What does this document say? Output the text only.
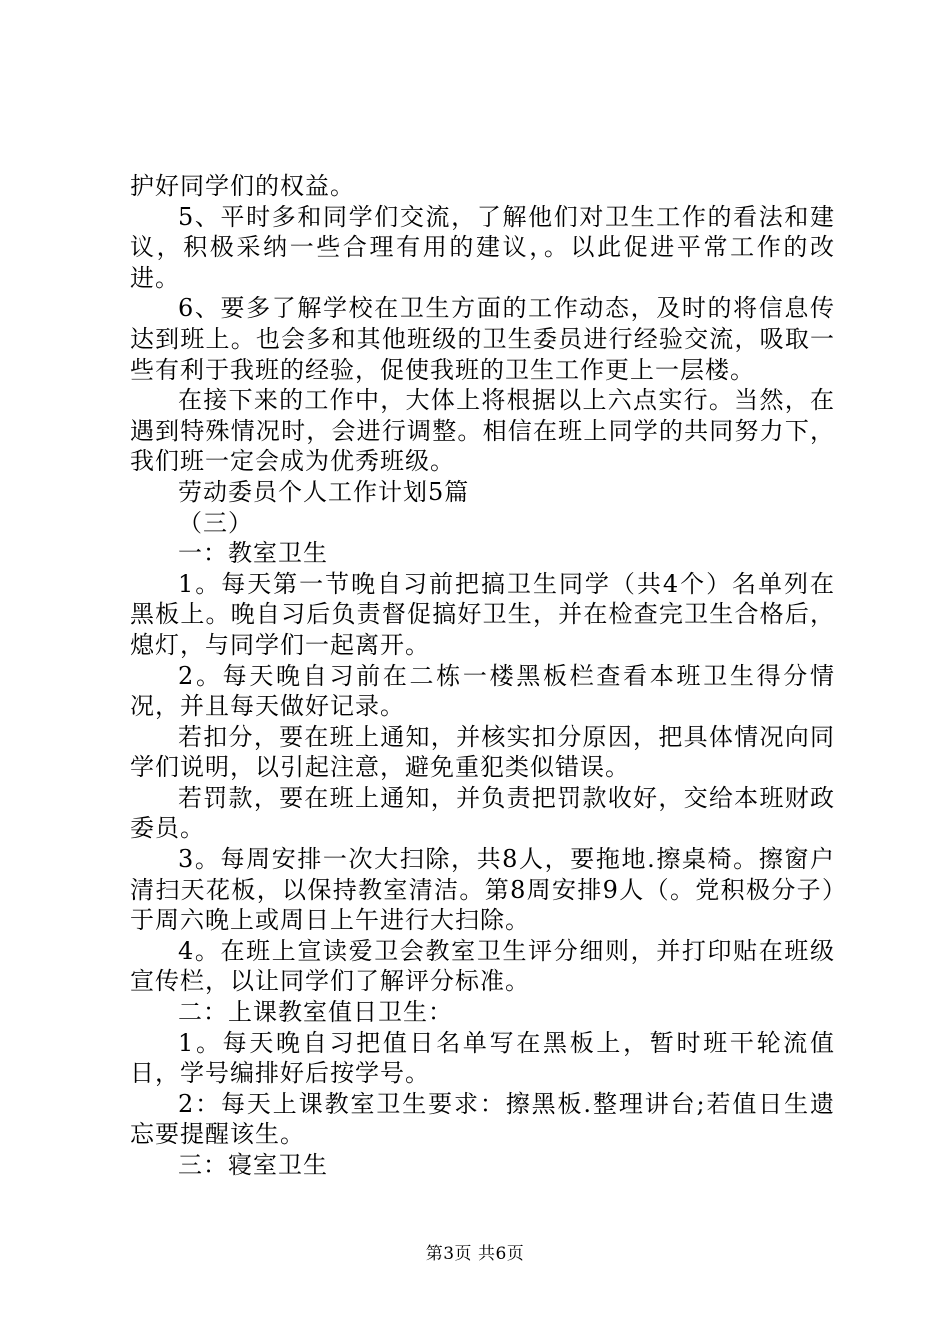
护好同学们的权益。

5、平时多和同学们交流，了解他们对卫生工作的看法和建议，积极采纳一些合理有用的建议，。以此促进平常工作的改进。

6、要多了解学校在卫生方面的工作动态，及时的将信息传达到班上。也会多和其他班级的卫生委员进行经验交流，吸取一些有利于我班的经验，促使我班的卫生工作更上一层楼。

在接下来的工作中，大体上将根据以上六点实行。当然，在遇到特殊情况时，会进行调整。相信在班上同学的共同努力下，我们班一定会成为优秀班级。

劳动委员个人工作计划5篇

（三）

一：教室卫生

1。每天第一节晚自习前把搞卫生同学（共4个）名单列在黑板上。晚自习后负责督促搞好卫生，并在检查完卫生合格后，熄灯，与同学们一起离开。

2。每天晚自习前在二栋一楼黑板栏查看本班卫生得分情况，并且每天做好记录。

若扣分，要在班上通知，并核实扣分原因，把具体情况向同学们说明，以引起注意，避免重犯类似错误。

若罚款，要在班上通知，并负责把罚款收好，交给本班财政委员。

3。每周安排一次大扫除，共8人，要拖地.擦桌椅。擦窗户清扫天花板，以保持教室清洁。第8周安排9人（。党积极分子）于周六晚上或周日上午进行大扫除。

4。在班上宣读爱卫会教室卫生评分细则，并打印贴在班级宣传栏，以让同学们了解评分标准。

二：上课教室值日卫生：

1。每天晚自习把值日名单写在黑板上，暂时班干轮流值日，学号编排好后按学号。

2：每天上课教室卫生要求：擦黑板.整理讲台;若值日生遗忘要提醒该生。

三：寝室卫生

第3页 共6页
